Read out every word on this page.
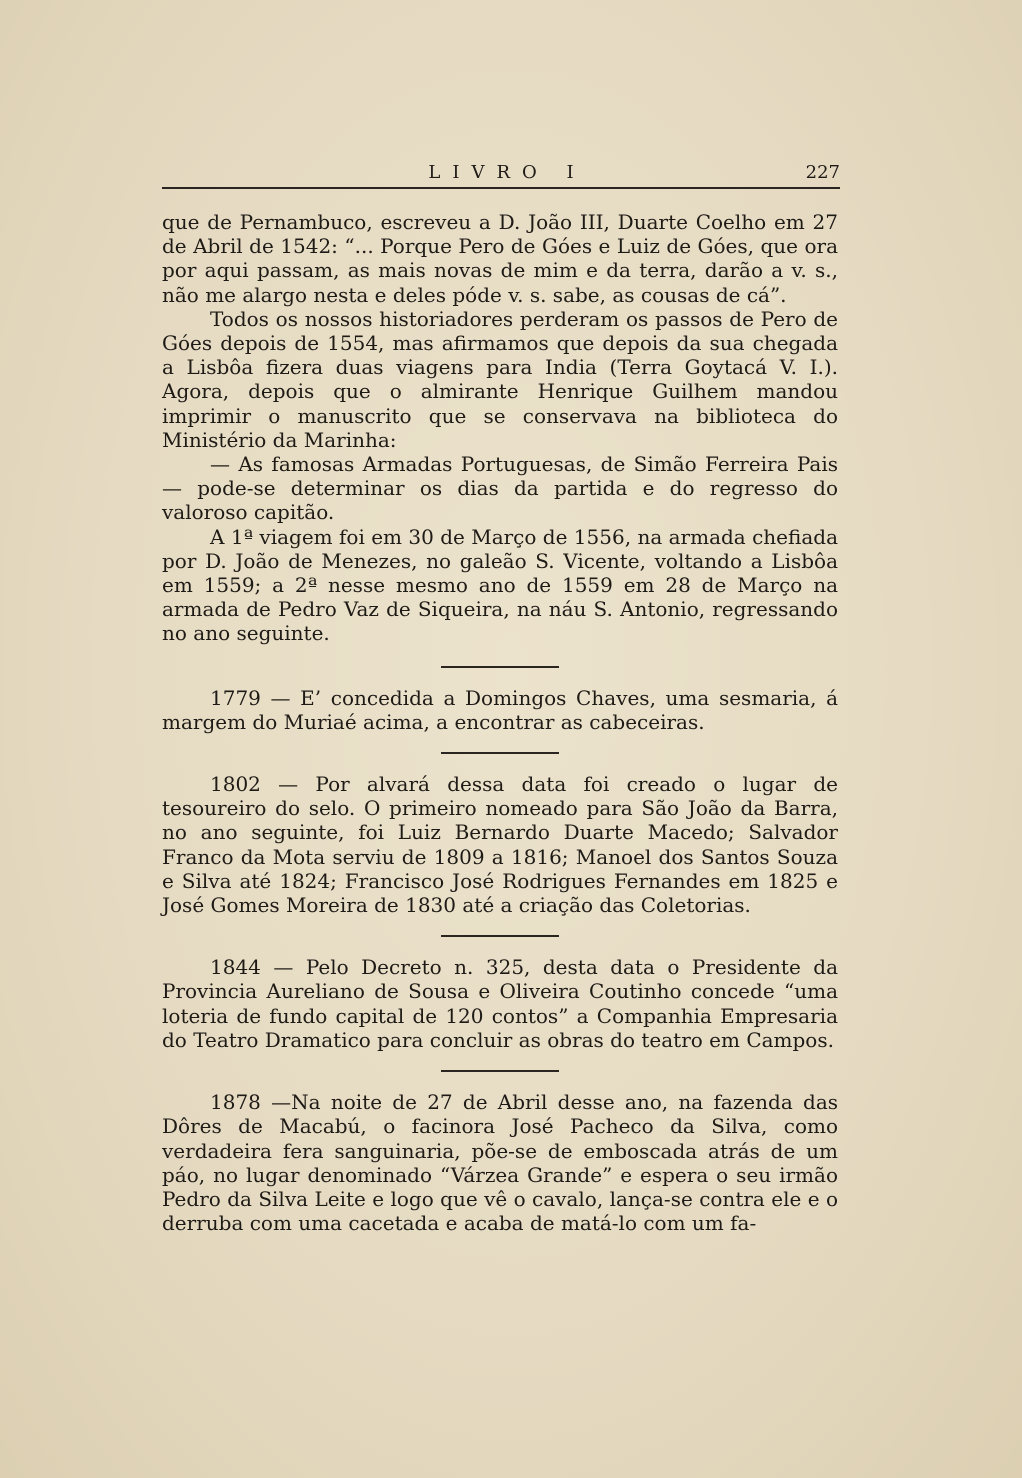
LIVRO I	227

que de Pernambuco, escreveu a D. João III, Duarte Coelho em 27 de Abril de 1542: “... Porque Pero de Góes e Luiz de Góes, que ora por aqui passam, as mais novas de mim e da terra, darão a v. s., não me alargo nesta e deles póde v. s. sabe, as cousas de cá”.

Todos os nossos historiadores perderam os passos de Pero de Góes depois de 1554, mas afirmamos que depois da sua chegada a Lisbôa fizera duas viagens para India (Terra Goytacá V. I.). Agora, depois que o almirante Henrique Guilhem mandou imprimir o manuscrito que se conservava na biblioteca do Ministério da Marinha:

— As famosas Armadas Portuguesas, de Simão Ferreira Pais — pode-se determinar os dias da partida e do regresso do valoroso capitão.

A 1ª viagem foi em 30 de Março de 1556, na armada chefiada por D. João de Menezes, no galeão S. Vicente, voltando a Lisbôa em 1559; a 2ª nesse mesmo ano de 1559 em 28 de Março na armada de Pedro Vaz de Siqueira, na náu S. Antonio, regressando no ano seguinte.

1779 — E’ concedida a Domingos Chaves, uma sesmaria, á margem do Muriaé acima, a encontrar as cabeceiras.

1802 — Por alvará dessa data foi creado o lugar de tesoureiro do selo. O primeiro nomeado para São João da Barra, no ano seguinte, foi Luiz Bernardo Duarte Macedo; Salvador Franco da Mota serviu de 1809 a 1816; Manoel dos Santos Souza e Silva até 1824; Francisco José Rodrigues Fernandes em 1825 e José Gomes Moreira de 1830 até a criação das Coletorias.

1844 — Pelo Decreto n. 325, desta data o Presidente da Provincia Aureliano de Sousa e Oliveira Coutinho concede “uma loteria de fundo capital de 120 contos” a Companhia Empresaria do Teatro Dramatico para concluir as obras do teatro em Campos.

1878 —Na noite de 27 de Abril desse ano, na fazenda das Dôres de Macabú, o facinora José Pacheco da Silva, como verdadeira fera sanguinaria, põe-se de emboscada atrás de um páo, no lugar denominado “Várzea Grande” e espera o seu irmão Pedro da Silva Leite e logo que vê o cavalo, lança-se contra ele e o derruba com uma cacetada e acaba de matá-lo com um fa-
